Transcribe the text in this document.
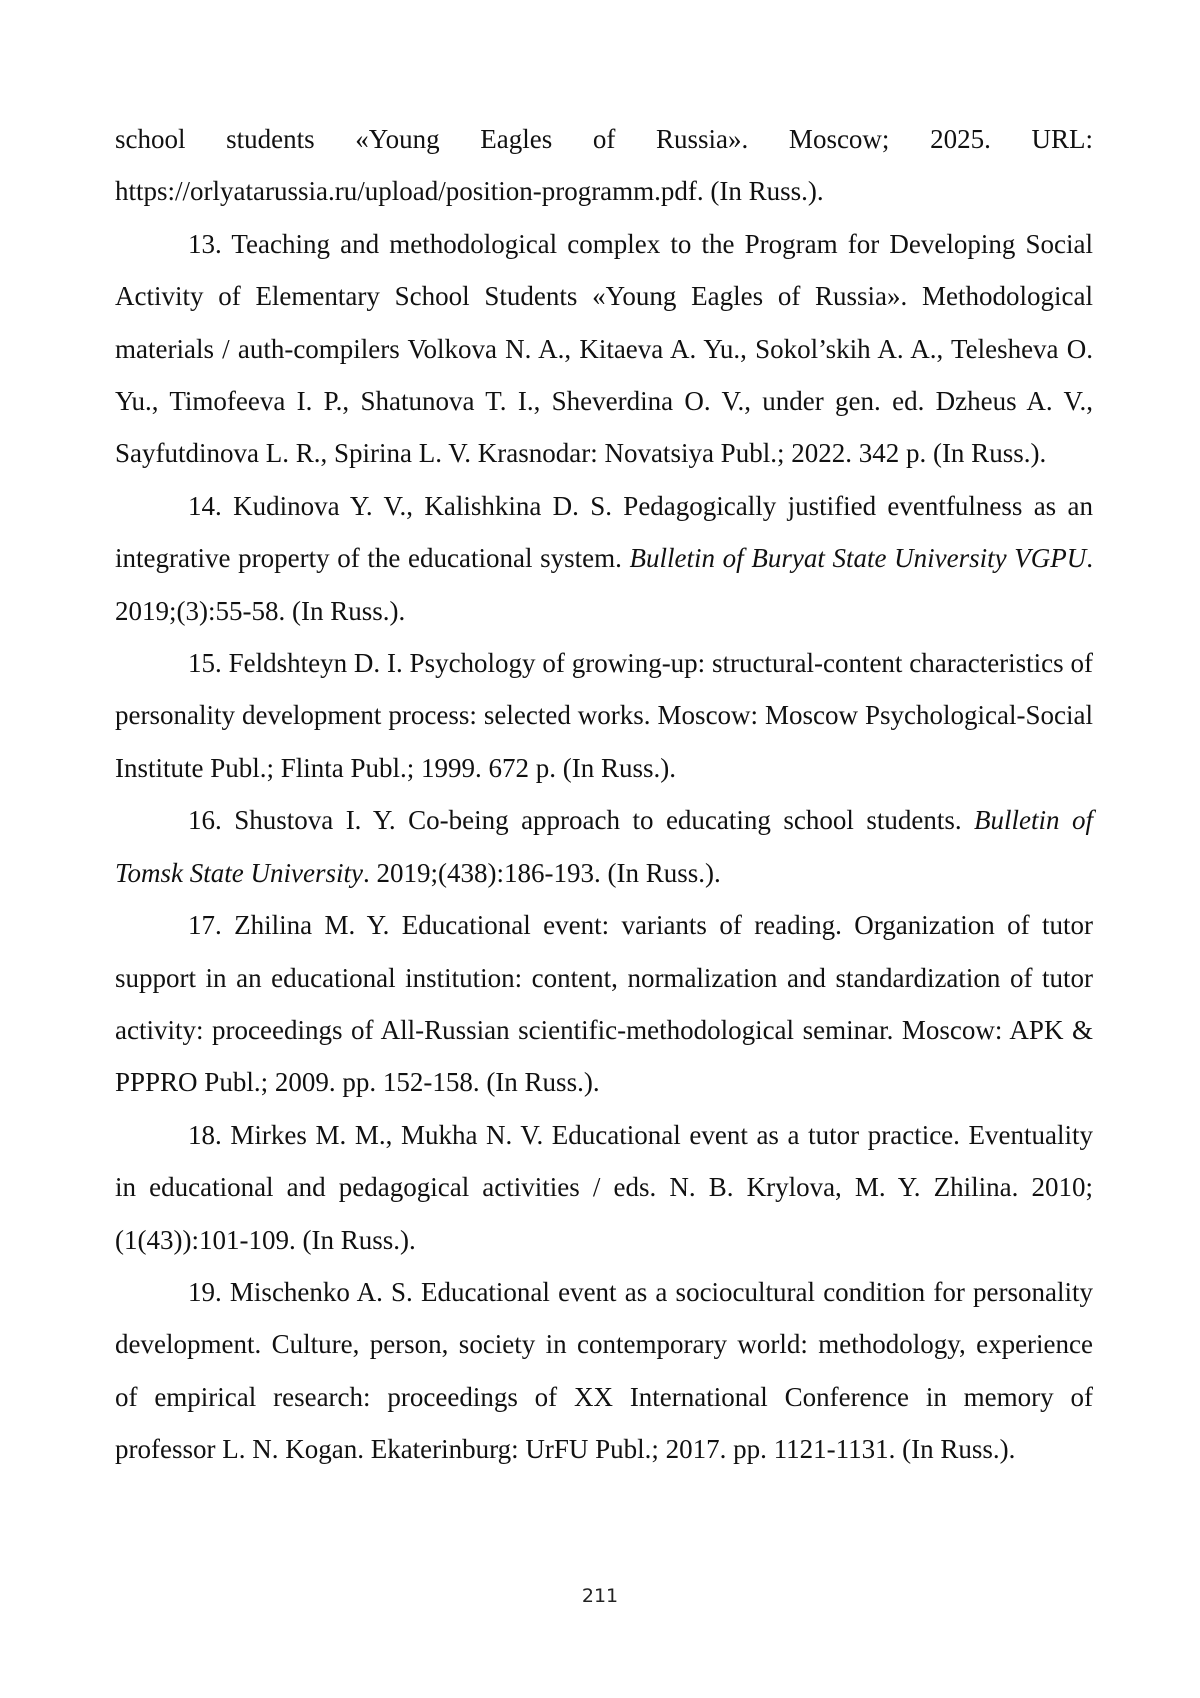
school students «Young Eagles of Russia». Moscow; 2025. URL:

https://orlyatarussia.ru/upload/position-programm.pdf. (In Russ.).

13. Teaching and methodological complex to the Program for Developing Social Activity of Elementary School Students «Young Eagles of Russia». Methodological materials / auth-compilers Volkova N. A., Kitaeva A. Yu., Sokol’skih A. A., Telesheva O. Yu., Timofeeva I. P., Shatunova T. I., Sheverdina O. V., under gen. ed. Dzheus A. V., Sayfutdinova L. R., Spirina L. V. Krasnodar: Novatsiya Publ.; 2022. 342 p. (In Russ.).

14. Kudinova Y. V., Kalishkina D. S. Pedagogically justified eventfulness as an integrative property of the educational system. Bulletin of Buryat State University VGPU. 2019;(3):55-58. (In Russ.).

15. Feldshteyn D. I. Psychology of growing-up: structural-content characteristics of personality development process: selected works. Moscow: Moscow Psychological-Social Institute Publ.; Flinta Publ.; 1999. 672 p. (In Russ.).

16. Shustova I. Y. Co-being approach to educating school students. Bulletin of Tomsk State University. 2019;(438):186-193. (In Russ.).

17. Zhilina M. Y. Educational event: variants of reading. Organization of tutor support in an educational institution: content, normalization and standardization of tutor activity: proceedings of All-Russian scientific-methodological seminar. Moscow: APK & PPPRO Publ.; 2009. pp. 152-158. (In Russ.).

18. Mirkes M. M., Mukha N. V. Educational event as a tutor practice. Eventuality in educational and pedagogical activities / eds. N. B. Krylova, M. Y. Zhilina. 2010;(1(43)):101-109. (In Russ.).

19. Mischenko A. S. Educational event as a sociocultural condition for personality development. Culture, person, society in contemporary world: methodology, experience of empirical research: proceedings of XX International Conference in memory of professor L. N. Kogan. Ekaterinburg: UrFU Publ.; 2017. pp. 1121-1131. (In Russ.).

211
